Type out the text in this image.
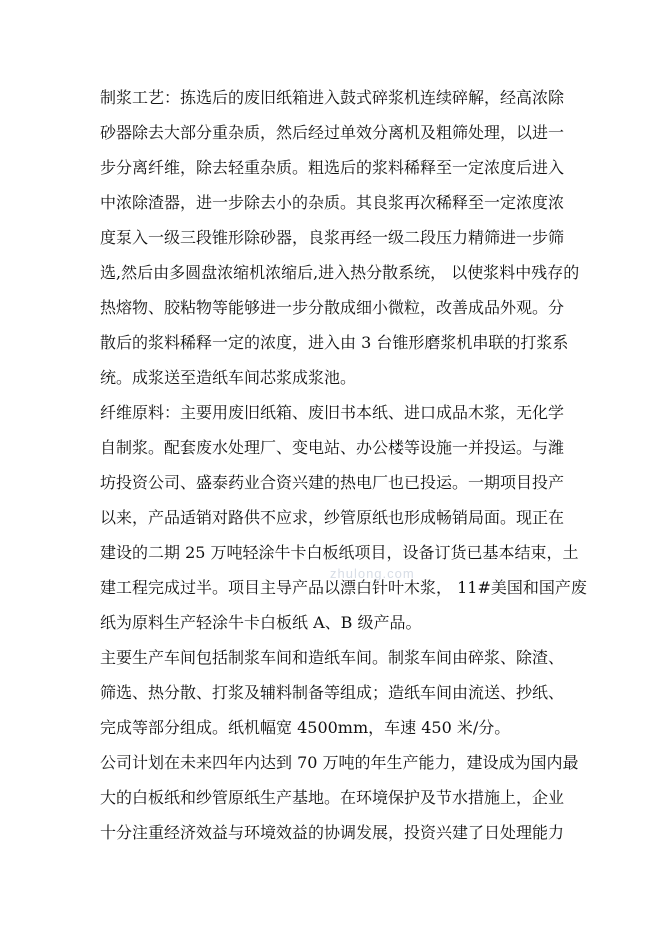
zhulong.com
制浆工艺：拣选后的废旧纸箱进入鼓式碎浆机连续碎解，经高浓除
砂器除去大部分重杂质，然后经过单效分离机及粗筛处理，以进一
步分离纤维，除去轻重杂质。粗选后的浆料稀释至一定浓度后进入
中浓除渣器，进一步除去小的杂质。其良浆再次稀释至一定浓度浓
度泵入一级三段锥形除砂器，良浆再经一级二段压力精筛进一步筛
选,然后由多圆盘浓缩机浓缩后,进入热分散系统， 以使浆料中残存的
热熔物、胶粘物等能够进一步分散成细小微粒，改善成品外观。分
散后的浆料稀释一定的浓度，进入由 3 台锥形磨浆机串联的打浆系
统。成浆送至造纸车间芯浆成浆池。
纤维原料：主要用废旧纸箱、废旧书本纸、进口成品木浆，无化学
自制浆。配套废水处理厂、变电站、办公楼等设施一并投运。与潍
坊投资公司、盛泰药业合资兴建的热电厂也已投运。一期项目投产
以来，产品适销对路供不应求，纱管原纸也形成畅销局面。现正在
建设的二期 25 万吨轻涂牛卡白板纸项目，设备订货已基本结束，土
建工程完成过半。项目主导产品以漂白针叶木浆， 11#美国和国产废
纸为原料生产轻涂牛卡白板纸 A、B 级产品。
主要生产车间包括制浆车间和造纸车间。制浆车间由碎浆、除渣、
筛选、热分散、打浆及辅料制备等组成；造纸车间由流送、抄纸、
完成等部分组成。纸机幅宽 4500mm，车速 450 米/分。
公司计划在未来四年内达到 70 万吨的年生产能力，建设成为国内最
大的白板纸和纱管原纸生产基地。在环境保护及节水措施上，企业
十分注重经济效益与环境效益的协调发展，投资兴建了日处理能力
